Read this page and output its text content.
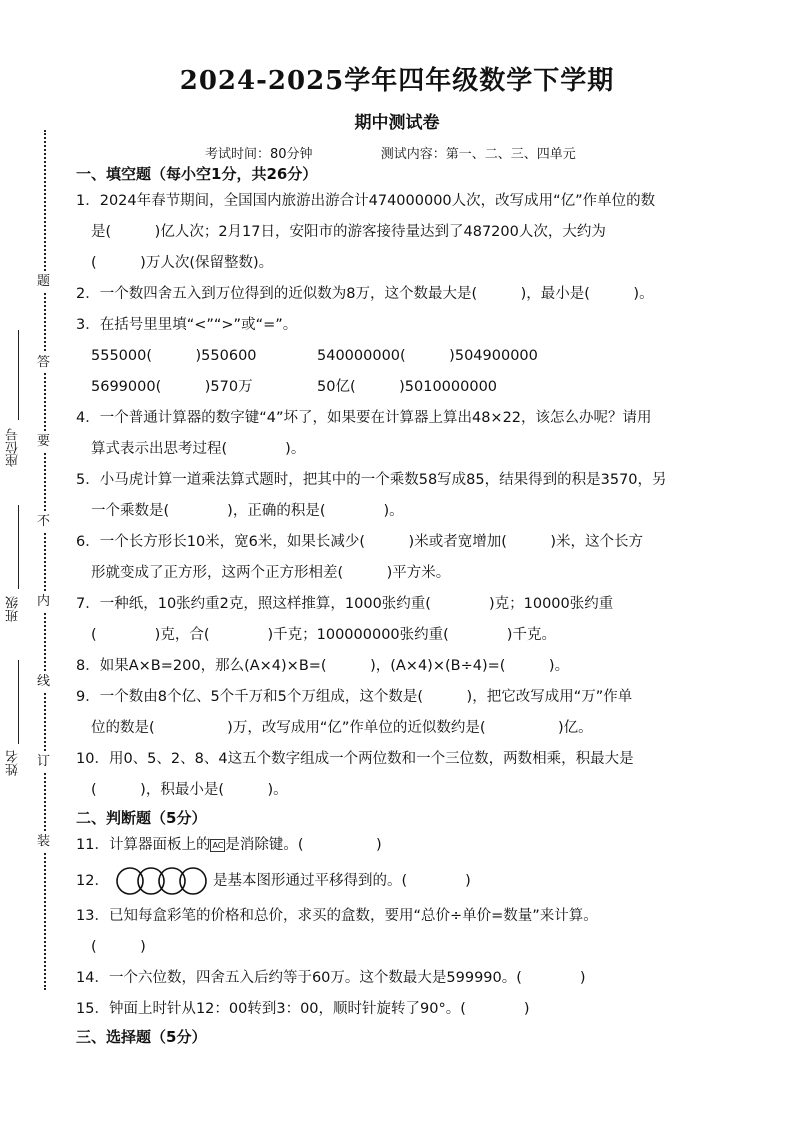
2024-2025学年四年级数学下学期
期中测试卷
考试时间：80分钟	测试内容：第一、二、三、四单元
题
答
要
不
内
线
订
装
座位号
班级
姓名
一、填空题（每小空1分，共26分）
1．2024年春节期间，全国国内旅游出游合计474000000人次，改写成用“亿”作单位的数
是(　　　)亿人次；2月17日，安阳市的游客接待量达到了487200人次，大约为
(　　　)万人次(保留整数)。
2．一个数四舍五入到万位得到的近似数为8万，这个数最大是(　　　)，最小是(　　　)。
3．在括号里里填“<”“>”或“=”。
555000(　　　)550600	540000000(　　　)504900000
5699000(　　　)570万	50亿(　　　)5010000000
4．一个普通计算器的数字键“4”坏了，如果要在计算器上算出48×22，该怎么办呢？请用
算式表示出思考过程(　　　　)。
5．小马虎计算一道乘法算式题时，把其中的一个乘数58写成85，结果得到的积是3570，另
一个乘数是(　　　　)，正确的积是(　　　　)。
6．一个长方形长10米，宽6米，如果长减少(　　　)米或者宽增加(　　　)米，这个长方
形就变成了正方形，这两个正方形相差(　　　)平方米。
7．一种纸，10张约重2克，照这样推算，1000张约重(　　　　)克；10000张约重
(　　　　)克，合(　　　　)千克；100000000张约重(　　　　)千克。
8．如果A×B=200，那么(A×4)×B=(　　　)，(A×4)×(B÷4)=(　　　)。
9．一个数由8个亿、5个千万和5个万组成，这个数是(　　　)，把它改写成用“万”作单
位的数是(　　　　　)万，改写成用“亿”作单位的近似数约是(　　　　　)亿。
10．用0、5、2、8、4这五个数字组成一个两位数和一个三位数，两数相乘，积最大是
(　　　)，积最小是(　　　)。
二、判断题（5分）
11．计算器面板上的 AC 是消除键。(　　　　　)
12．	是基本图形通过平移得到的。(　　　　)
13．已知每盒彩笔的价格和总价，求买的盒数，要用“总价÷单价=数量”来计算。
(　　　)
14．一个六位数，四舍五入后约等于60万。这个数最大是599990。(　　　　)
15．钟面上时针从12：00转到3：00，顺时针旋转了90°。(　　　　)
三、选择题（5分）
